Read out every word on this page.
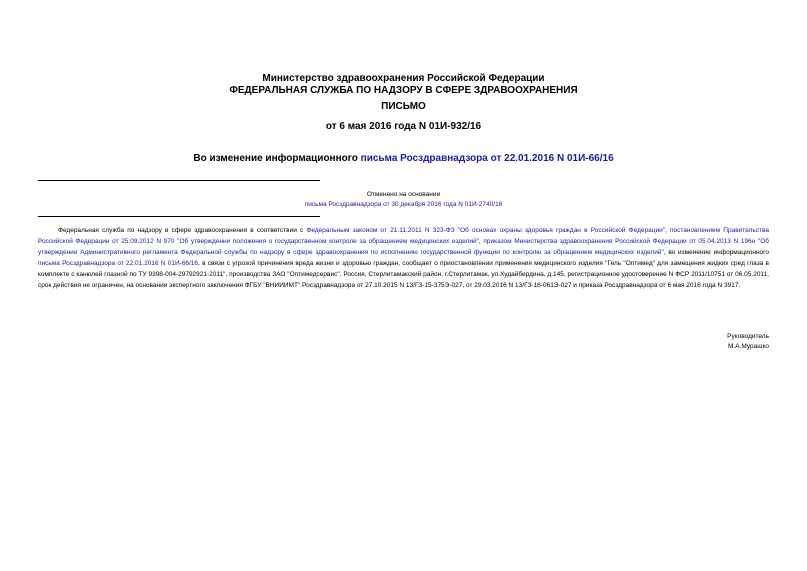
Министерство здравоохранения Российской Федерации
ФЕДЕРАЛЬНАЯ СЛУЖБА ПО НАДЗОРУ В СФЕРЕ ЗДРАВООХРАНЕНИЯ
ПИСЬМО
от 6 мая 2016 года N 01И-932/16
Во изменение информационного письма Росздравнадзора от 22.01.2016 N 01И-66/16
Отменено на основании
письма Росздравнадзора от 30 декабря 2016 года N 01И-2740/16
Федеральная служба по надзору в сфере здравоохранения в соответствии с Федеральным законом от 21.11.2011 N 323-ФЗ "Об основах охраны здоровья граждан в Российской Федерации", постановлением Правительства Российской Федерации от 25.09.2012 N 970 "Об утверждении положения о государственном контроле за обращением медицинских изделий", приказом Министерства здравоохранения Российской Федерации от 05.04.2013 N 196н "Об утверждении Административного регламента Федеральной службы по надзору в сфере здравоохранения по исполнению государственной функции по контролю за обращением медицинских изделий", во изменение информационного письма Росздравнадзора от 22.01.2016 N 01И-66/16, в связи с угрозой причинения вреда жизни и здоровью граждан, сообщает о приостановлении применения медицинского изделия "Гель "Оптимед" для замещения жидких сред глаза в комплекте с канюлей глазной по ТУ 9398-004-29792921-2011", производства ЗАО "Оптимедсервис", Россия, Стерлитамакский район, г.Стерлитамак, ул.Худайбердина, д.145, регистрационное удостоверение N ФСР 2011/10751 от 06.05.2011, срок действия не ограничен, на основании экспертного заключения ФГБУ "ВНИИИМТ" Росздравнадзора от 27.10.2015 N 13/ГЗ-15-375Э-027, от 29.03.2016 N 13/ГЗ-16-061Э-027 и приказа Росздравнадзора от 6 мая 2016 года N 3917.
Руководитель
М.А.Мурашко
